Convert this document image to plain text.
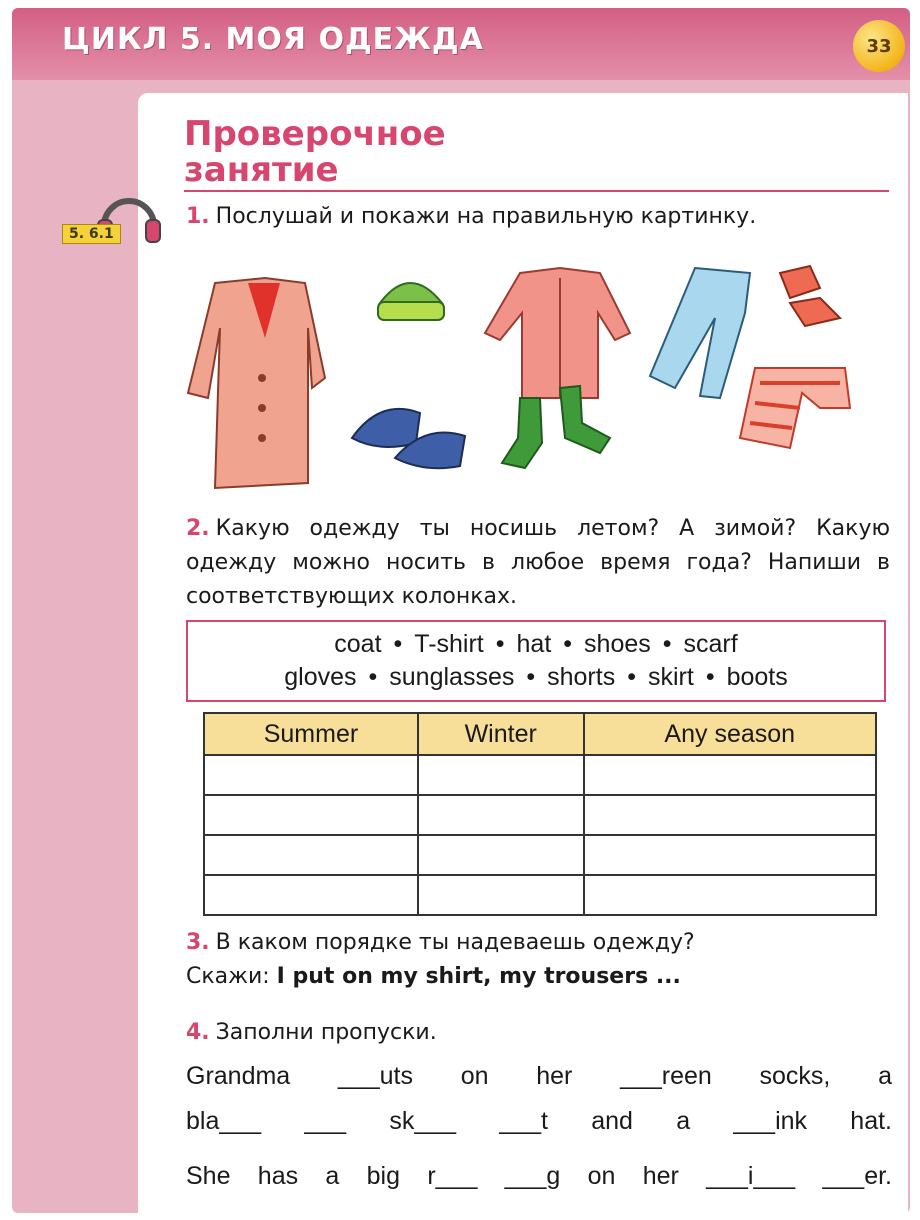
ЦИКЛ 5. МОЯ ОДЕЖДА	33
Проверочное
занятие
5. 6.1
1. Послушай и покажи на правильную картинку.
2. Какую одежду ты носишь летом? А зимой? Какую одежду можно носить в любое время года? Напиши в соответствующих колонках.
coat • T-shirt • hat • shoes • scarf
gloves • sunglasses • shorts • skirt • boots
Summer	Winter	Any season

3. В каком порядке ты надеваешь одежду?
Скажи: I put on my shirt, my trousers ...
4. Заполни пропуски.
Grandma ___uts on her ___reen socks, a
bla___ ___ sk___ ___t and a ___ink hat.
She has a big r___ ___g on her ___i___ ___er.
